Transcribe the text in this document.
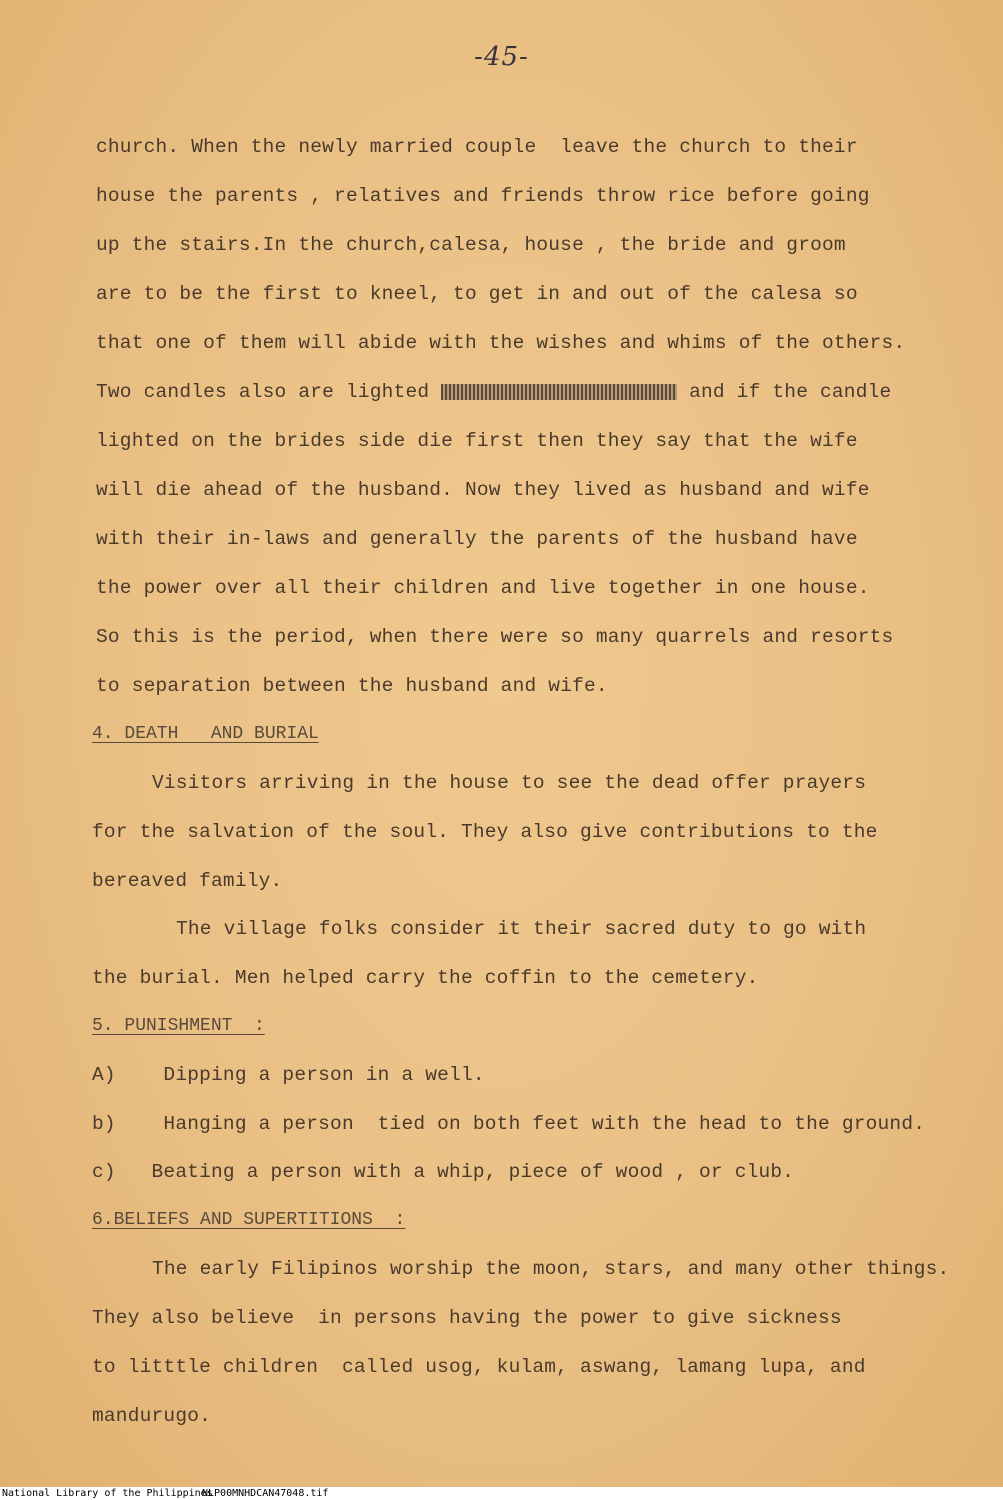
-45-
church. When the newly married couple  leave the church to their
house the parents , relatives and friends throw rice before going
up the stairs.In the church,calesa, house , the bride and groom
are to be the first to kneel, to get in and out of the calesa so
that one of them will abide with the wishes and whims of the others.
Two candles also are lighted	and if the candle
lighted on the brides side die first then they say that the wife
will die ahead of the husband. Now they lived as husband and wife
with their in-laws and generally the parents of the husband have
the power over all their children and live together in one house.
So this is the period, when there were so many quarrels and resorts
to separation between the husband and wife.
4. DEATH   AND BURIAL
Visitors arriving in the house to see the dead offer prayers
for the salvation of the soul. They also give contributions to the
bereaved family.
The village folks consider it their sacred duty to go with
the burial. Men helped carry the coffin to the cemetery.
5. PUNISHMENT  :
A)    Dipping a person in a well.
b)    Hanging a person  tied on both feet with the head to the ground.
c)   Beating a person with a whip, piece of wood , or club.
6.BELIEFS AND SUPERTITIONS  :
The early Filipinos worship the moon, stars, and many other things.
They also believe  in persons having the power to give sickness
to litttle children  called usog, kulam, aswang, lamang lupa, and
mandurugo.
National Library of the Philippines
NLP00MNHDCAN47048.tif
